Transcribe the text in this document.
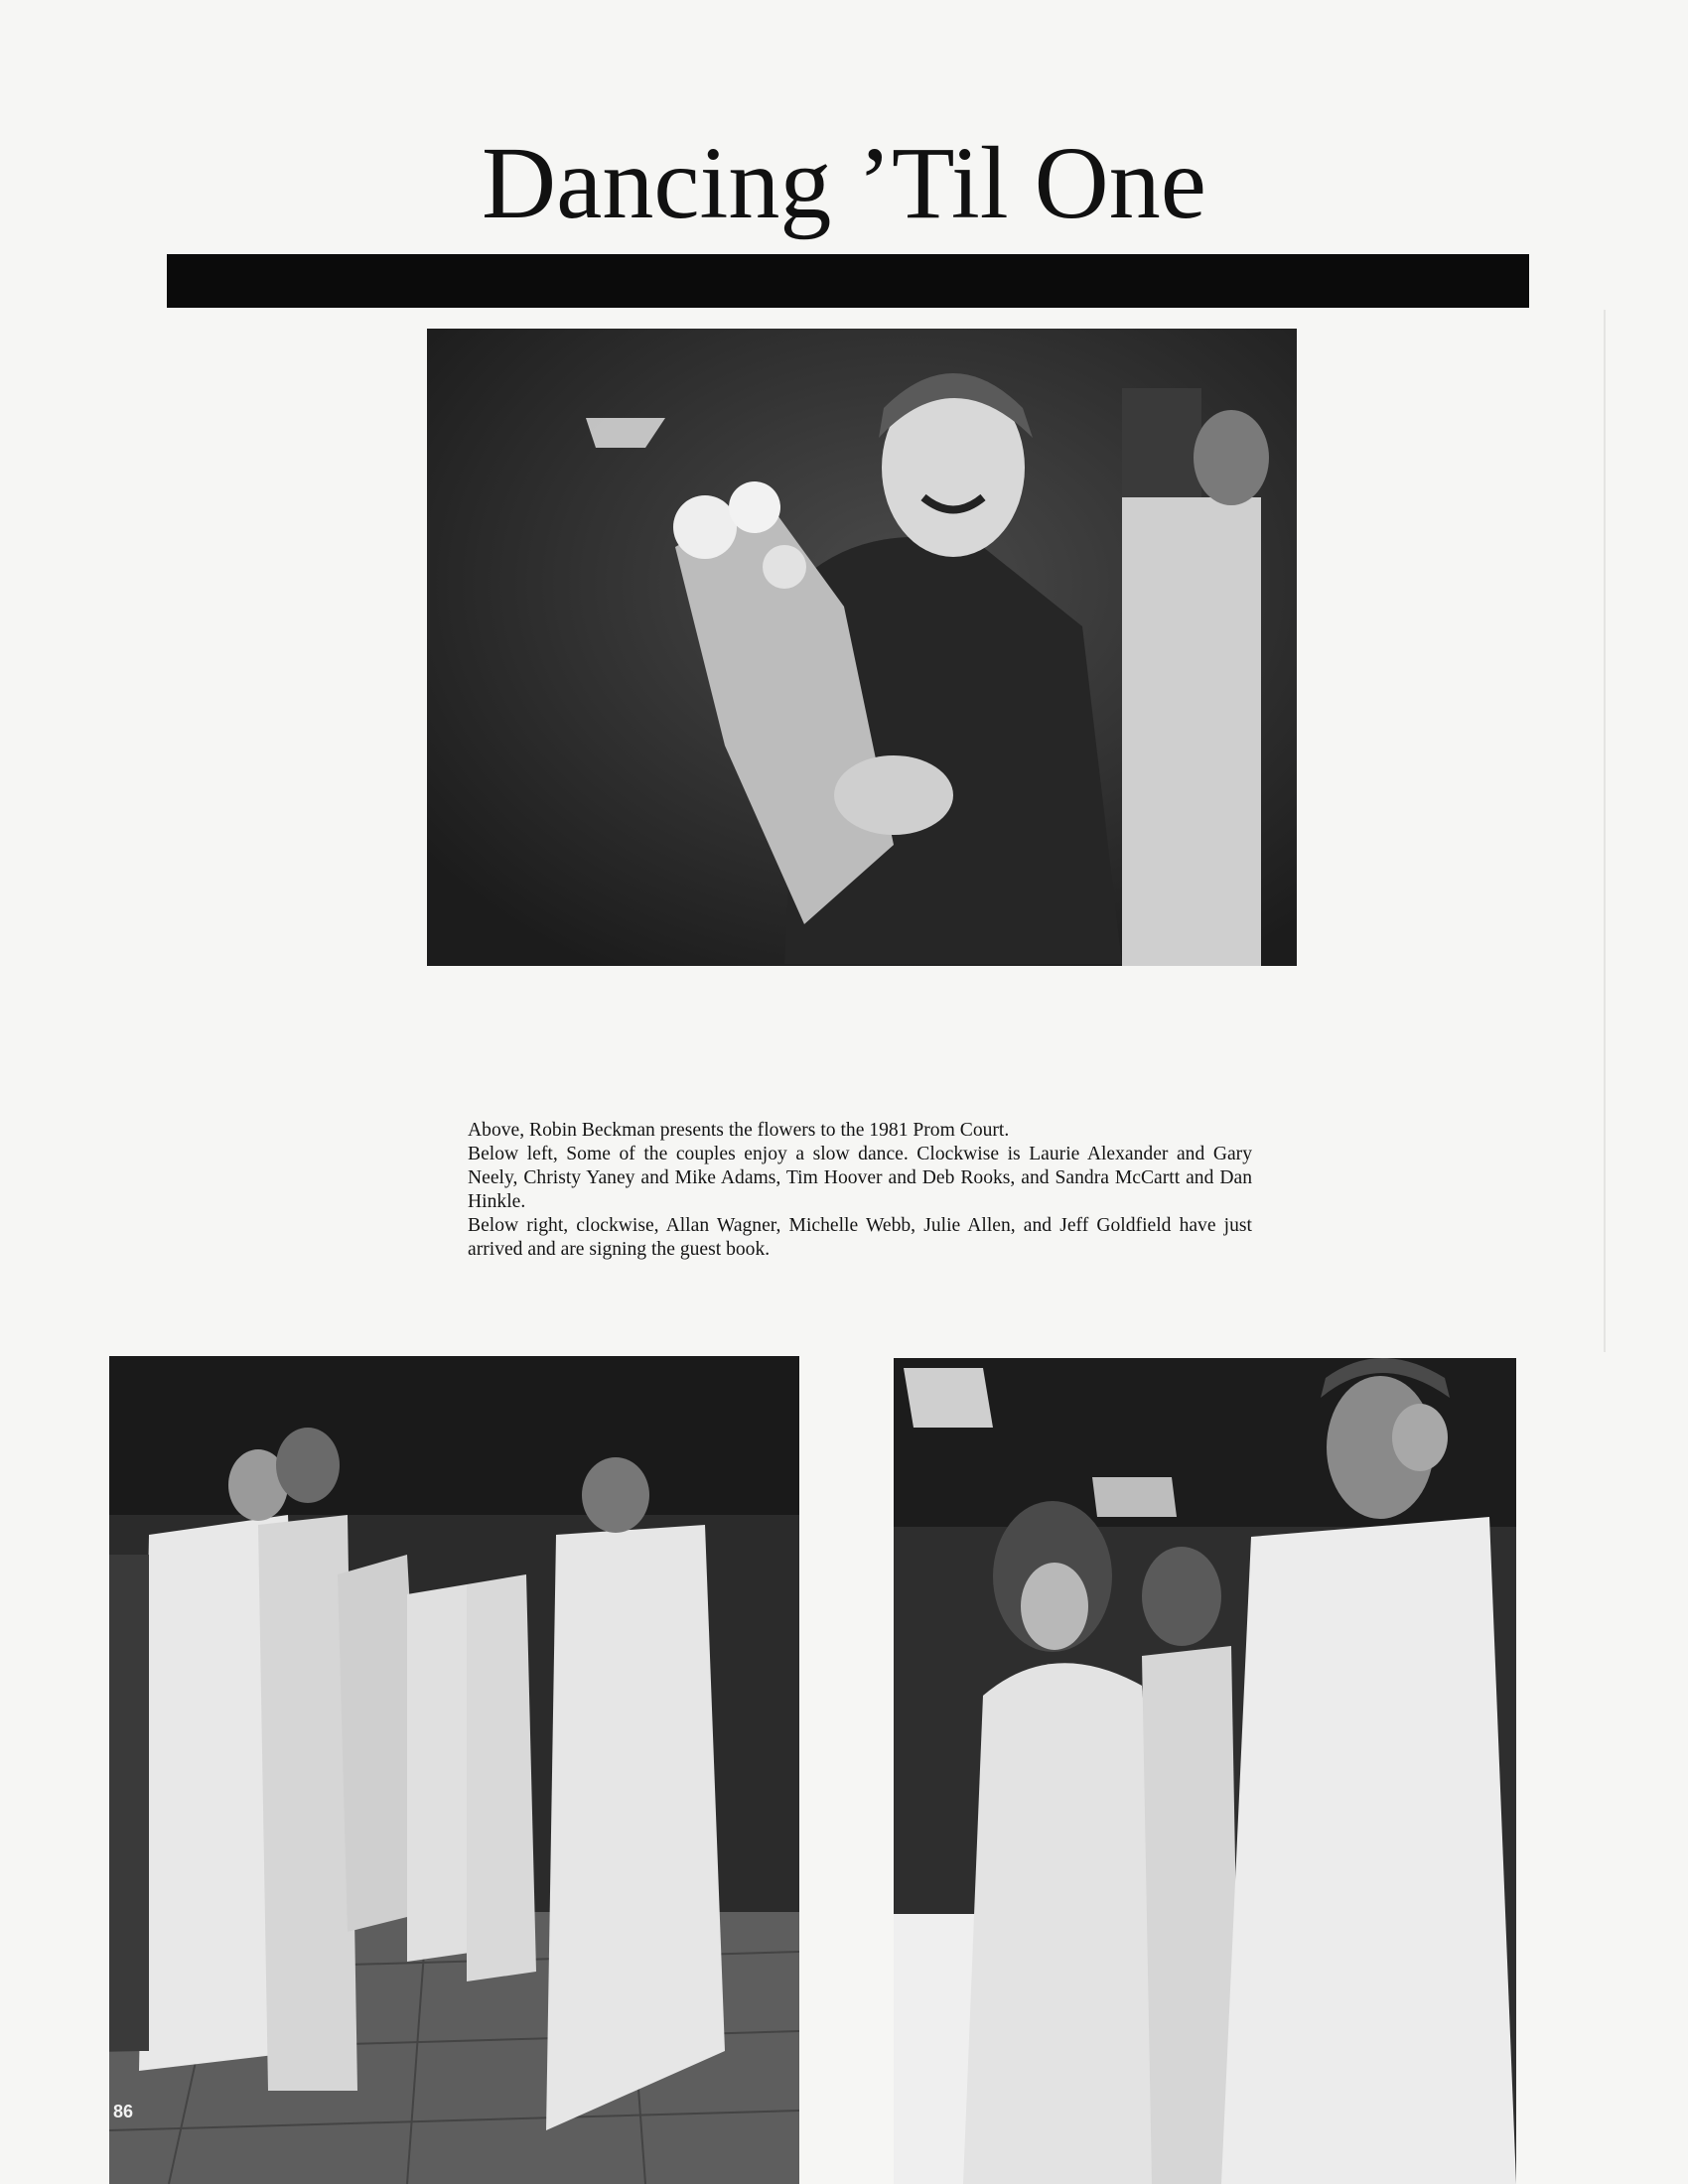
Dancing ’Til One

Above, Robin Beckman presents the flowers to the 1981 Prom Court.

Below left, Some of the couples enjoy a slow dance. Clockwise is Laurie Alexander and Gary Neely, Christy Yaney and Mike Adams, Tim Hoover and Deb Rooks, and Sandra McCartt and Dan Hinkle.

Below right, clockwise, Allan Wagner, Michelle Webb, Julie Allen, and Jeff Goldfield have just arrived and are signing the guest book.

86
